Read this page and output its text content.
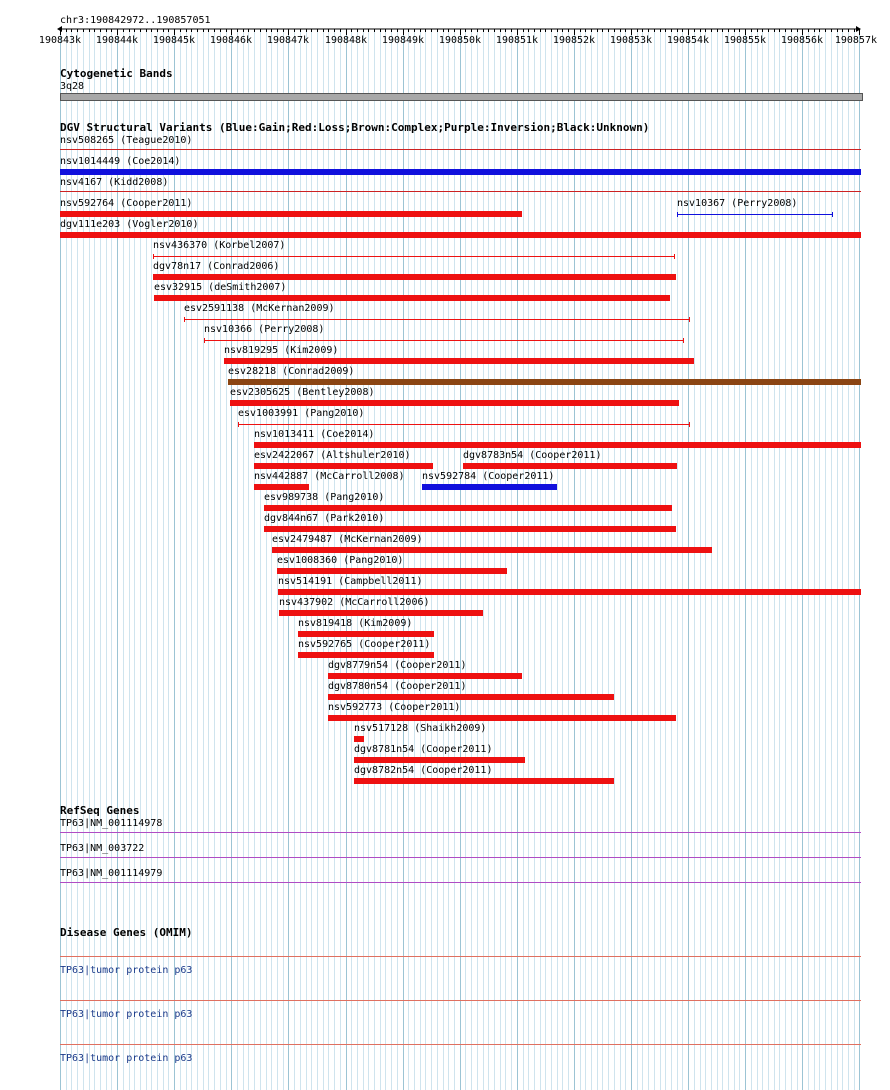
chr3:190842972..190857051
190843k	190844k	190845k	190846k	190847k	190848k	190849k	190850k	190851k	190852k	190853k	190854k	190855k	190856k	190857k
Cytogenetic Bands
3q28
DGV Structural Variants (Blue:Gain;Red:Loss;Brown:Complex;Purple:Inversion;Black:Unknown)
nsv508265 (Teague2010)
nsv1014449 (Coe2014)
nsv4167 (Kidd2008)
nsv592764 (Cooper2011)	nsv10367 (Perry2008)
dgv111e203 (Vogler2010)
nsv436370 (Korbel2007)
dgv78n17 (Conrad2006)
esv32915 (deSmith2007)
esv2591138 (McKernan2009)
nsv10366 (Perry2008)
nsv819295 (Kim2009)
esv28218 (Conrad2009)
esv2305625 (Bentley2008)
esv1003991 (Pang2010)
nsv1013411 (Coe2014)
esv2422067 (Altshuler2010)	dgv8783n54 (Cooper2011)
nsv442887 (McCarroll2008) nsv592784 (Cooper2011)
esv989738 (Pang2010)
dgv844n67 (Park2010)
esv2479487 (McKernan2009)
esv1008360 (Pang2010)
nsv514191 (Campbell2011)
nsv437902 (McCarroll2006)
nsv819418 (Kim2009)
nsv592765 (Cooper2011)
dgv8779n54 (Cooper2011)
dgv8780n54 (Cooper2011)
nsv592773 (Cooper2011)
nsv517128 (Shaikh2009)
dgv8781n54 (Cooper2011)
dgv8782n54 (Cooper2011)
RefSeq Genes
TP63|NM_001114978
TP63|NM_003722
TP63|NM_001114979
Disease Genes (OMIM)
TP63|tumor protein p63
TP63|tumor protein p63
TP63|tumor protein p63
